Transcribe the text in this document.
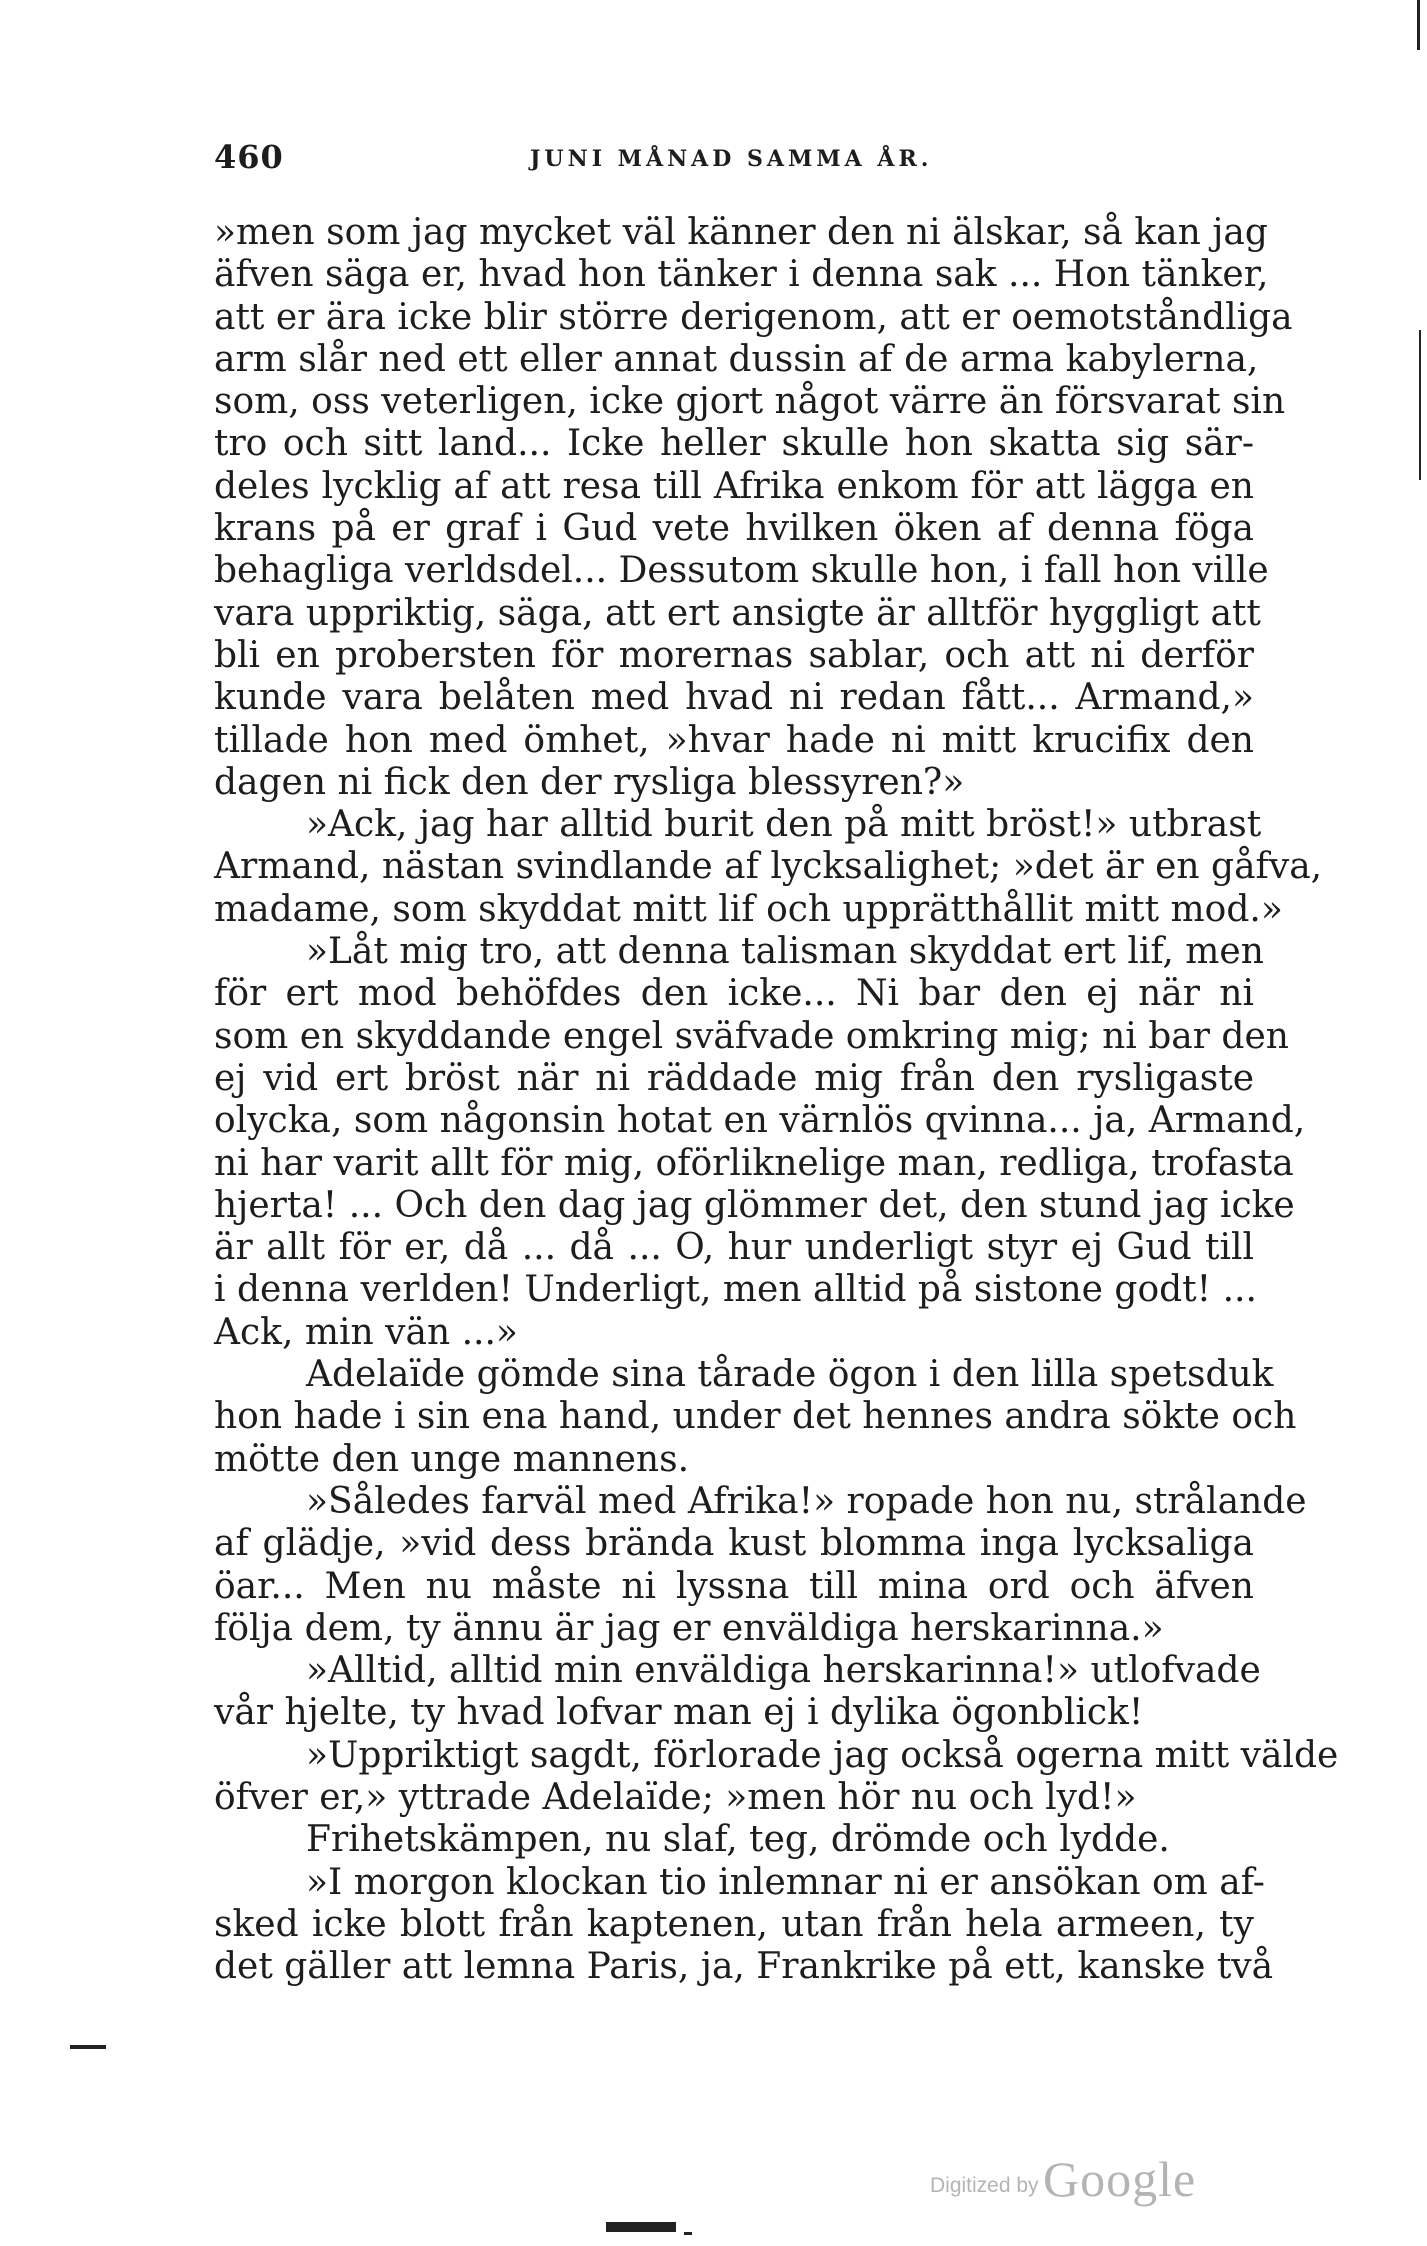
460	JUNI MÅNAD SAMMA ÅR.
»men som jag mycket väl känner den ni älskar, så kan jag
äfven säga er, hvad hon tänker i denna sak ... Hon tänker,
att er ära icke blir större derigenom, att er oemotståndliga
arm slår ned ett eller annat dussin af de arma kabylerna,
som, oss veterligen, icke gjort något värre än försvarat sin
tro och sitt land... Icke heller skulle hon skatta sig sär-
deles lycklig af att resa till Afrika enkom för att lägga en
krans på er graf i Gud vete hvilken öken af denna föga
behagliga verldsdel... Dessutom skulle hon, i fall hon ville
vara uppriktig, säga, att ert ansigte är alltför hyggligt att
bli en probersten för morernas sablar, och att ni derför
kunde vara belåten med hvad ni redan fått... Armand,»
tillade hon med ömhet, »hvar hade ni mitt krucifix den
dagen ni fick den der rysliga blessyren?»
»Ack, jag har alltid burit den på mitt bröst!» utbrast
Armand, nästan svindlande af lycksalighet; »det är en gåfva,
madame, som skyddat mitt lif och upprätthållit mitt mod.»
»Låt mig tro, att denna talisman skyddat ert lif, men
för ert mod behöfdes den icke... Ni bar den ej när ni
som en skyddande engel sväfvade omkring mig; ni bar den
ej vid ert bröst när ni räddade mig från den rysligaste
olycka, som någonsin hotat en värnlös qvinna... ja, Armand,
ni har varit allt för mig, oförliknelige man, redliga, trofasta
hjerta! ... Och den dag jag glömmer det, den stund jag icke
är allt för er, då ... då ... O, hur underligt styr ej Gud till
i denna verlden! Underligt, men alltid på sistone godt! ...
Ack, min vän ...»
Adelaïde gömde sina tårade ögon i den lilla spetsduk
hon hade i sin ena hand, under det hennes andra sökte och
mötte den unge mannens.
»Således farväl med Afrika!» ropade hon nu, strålande
af glädje, »vid dess brända kust blomma inga lycksaliga
öar... Men nu måste ni lyssna till mina ord och äfven
följa dem, ty ännu är jag er enväldiga herskarinna.»
»Alltid, alltid min enväldiga herskarinna!» utlofvade
vår hjelte, ty hvad lofvar man ej i dylika ögonblick!
»Uppriktigt sagdt, förlorade jag också ogerna mitt välde
öfver er,» yttrade Adelaïde; »men hör nu och lyd!»
Frihetskämpen, nu slaf, teg, drömde och lydde.
»I morgon klockan tio inlemnar ni er ansökan om af-
sked icke blott från kaptenen, utan från hela armeen, ty
det gäller att lemna Paris, ja, Frankrike på ett, kanske två
Digitized by Google
